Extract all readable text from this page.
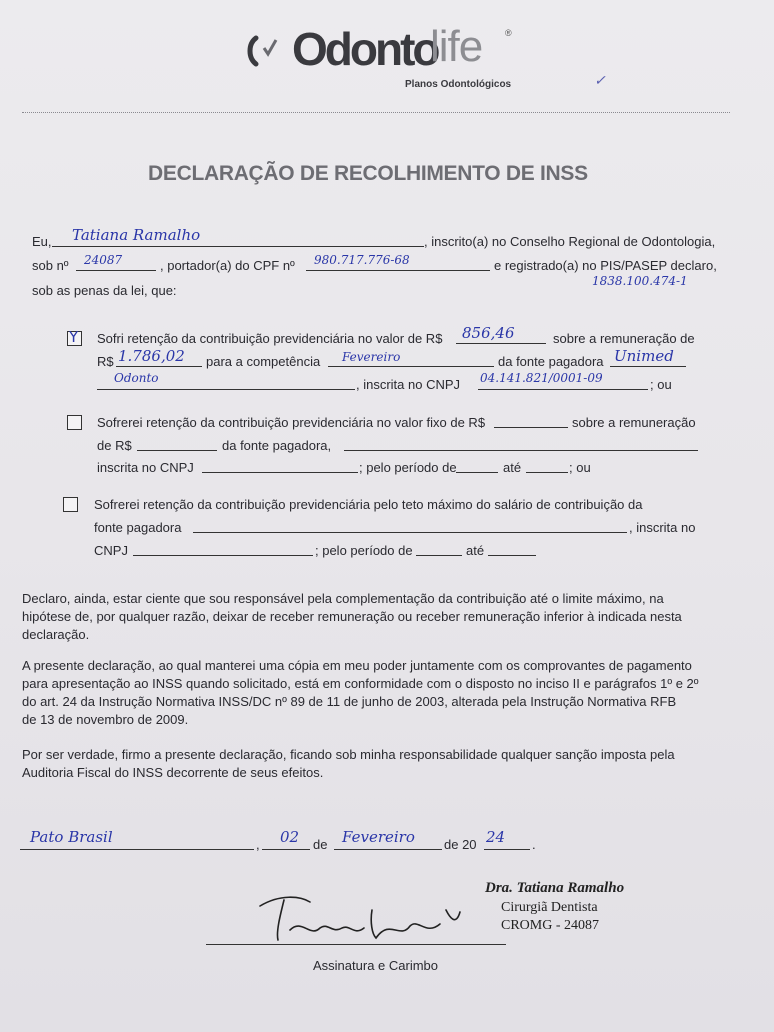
Odonto
life	®
Planos Odontológicos	✓
DECLARAÇÃO DE RECOLHIMENTO DE INSS
Eu, Tatiana Ramalho	, inscrito(a) no Conselho Regional de Odontologia,
sob nº 24087	, portador(a) do CPF nº 980.717.776-68	e registrado(a) no PIS/PASEP declaro,
1838.100.474-1
sob as penas da lei, que:
Y Sofri retenção da contribuição previdenciária no valor de R$ 856,46	sobre a remuneração de
R$ 1.786,02 para a competência Fevereiro	da fonte pagadora Unimed
Odonto	, inscrita no CNPJ 04.141.821/0001-09	; ou
Sofrerei retenção da contribuição previdenciária no valor fixo de R$	sobre a remuneração
de R$	da fonte pagadora,
inscrita no CNPJ	; pelo período de	até	; ou
Sofrerei retenção da contribuição previdenciária pelo teto máximo do salário de contribuição da
fonte pagadora	, inscrita no
CNPJ	; pelo período de	até
Declaro, ainda, estar ciente que sou responsável pela complementação da contribuição até o limite máximo, na
hipótese de, por qualquer razão, deixar de receber remuneração ou receber remuneração inferior à indicada nesta
declaração.
A presente declaração, ao qual manterei uma cópia em meu poder juntamente com os comprovantes de pagamento
para apresentação ao INSS quando solicitado, está em conformidade com o disposto no inciso II e parágrafos 1º e 2º
do art. 24 da Instrução Normativa INSS/DC nº 89 de 11 de junho de 2003, alterada pela Instrução Normativa RFB
de 13 de novembro de 2009.
Por ser verdade, firmo a presente declaração, ficando sob minha responsabilidade qualquer sanção imposta pela
Auditoria Fiscal do INSS decorrente de seus efeitos.
Pato Brasil	, 02 de Fevereiro de 20 24 .
Dra. Tatiana Ramalho
Cirurgiã Dentista
CROMG - 24087
Assinatura e Carimbo
